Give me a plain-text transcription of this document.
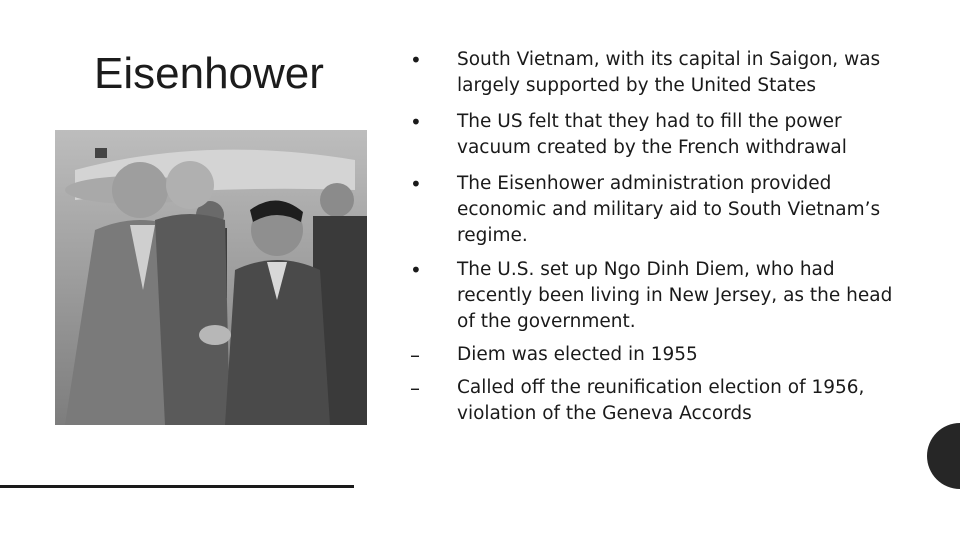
Eisenhower	•	South Vietnam, with its capital in Saigon, was largely supported by the United States
•	The US felt that they had to fill the power vacuum created by the French withdrawal
•	The Eisenhower administration provided economic and military aid to South Vietnam’s regime.
•	The U.S. set up Ngo Dinh Diem, who had recently been living in New Jersey, as the head of the government.
–	Diem was elected in 1955
–	Called off the reunification election of 1956, violation of the Geneva Accords
